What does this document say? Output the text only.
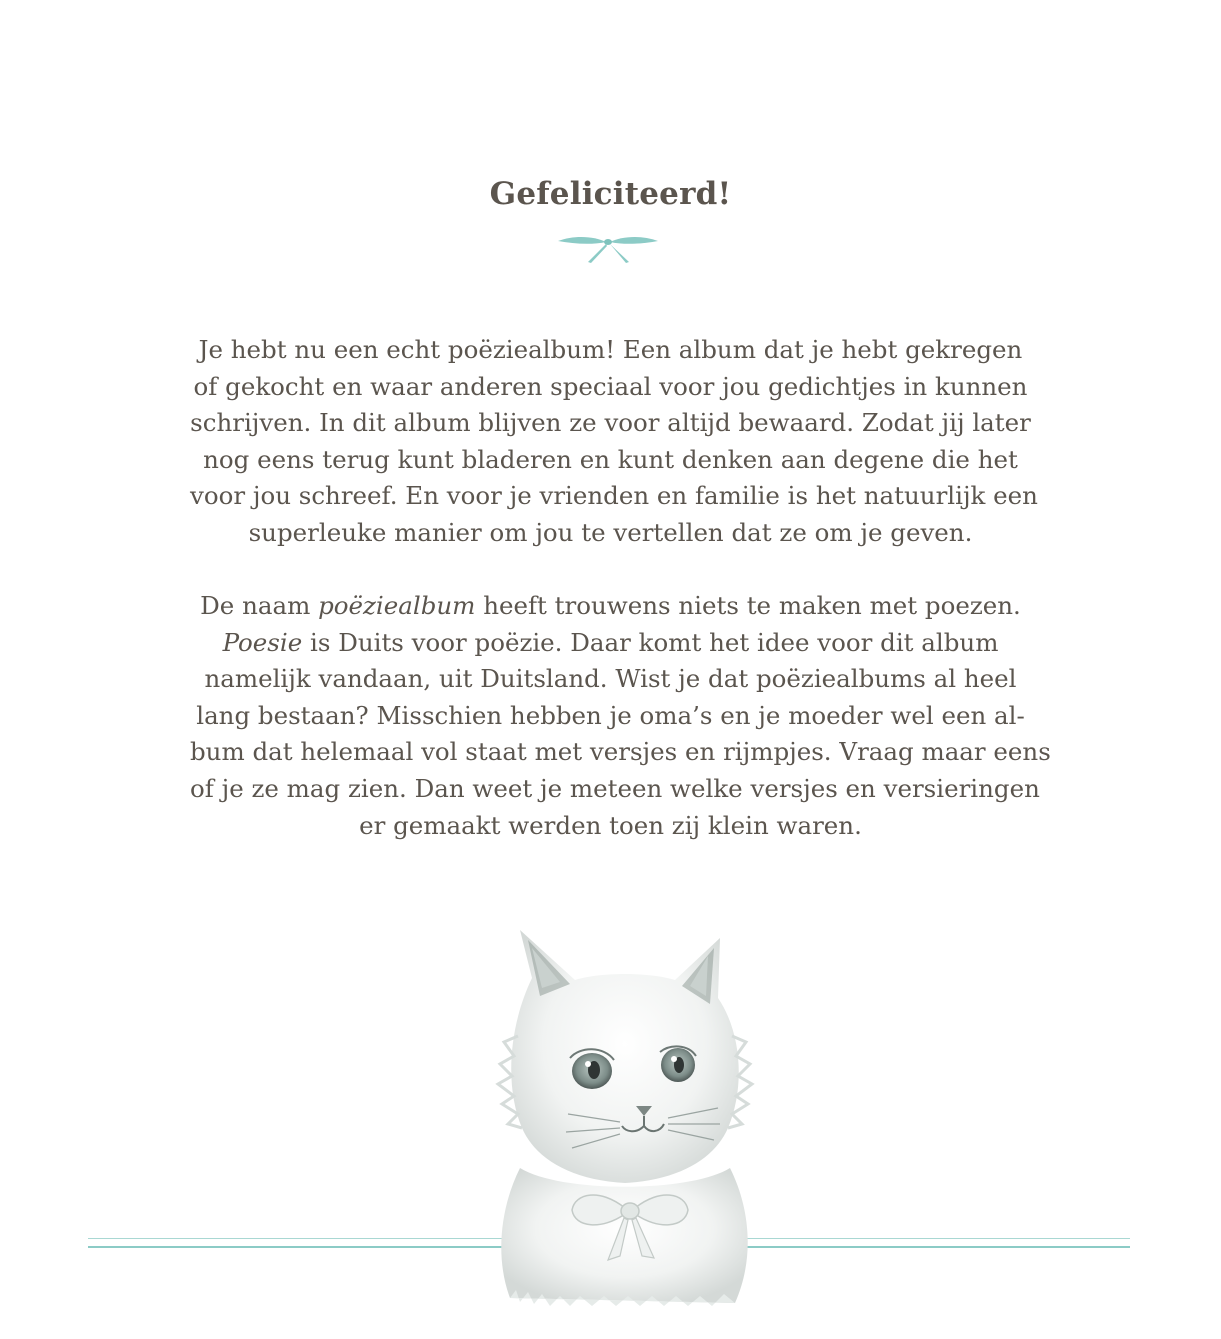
Gefeliciteerd!
Je hebt nu een echt poëziealbum! Een album dat je hebt gekregen
of gekocht en waar anderen speciaal voor jou gedichtjes in kunnen
schrijven. In dit album blijven ze voor altijd bewaard. Zodat jij later
nog eens terug kunt bladeren en kunt denken aan degene die het
voor jou schreef. En voor je vrienden en familie is het natuurlijk een
superleuke manier om jou te vertellen dat ze om je geven.
De naam poëziealbum heeft trouwens niets te maken met poezen.
Poesie is Duits voor poëzie. Daar komt het idee voor dit album
namelijk vandaan, uit Duitsland. Wist je dat poëziealbums al heel
lang bestaan? Misschien hebben je oma’s en je moeder wel een al-
bum dat helemaal vol staat met versjes en rijmpjes. Vraag maar eens
of je ze mag zien. Dan weet je meteen welke versjes en versieringen
er gemaakt werden toen zij klein waren.
